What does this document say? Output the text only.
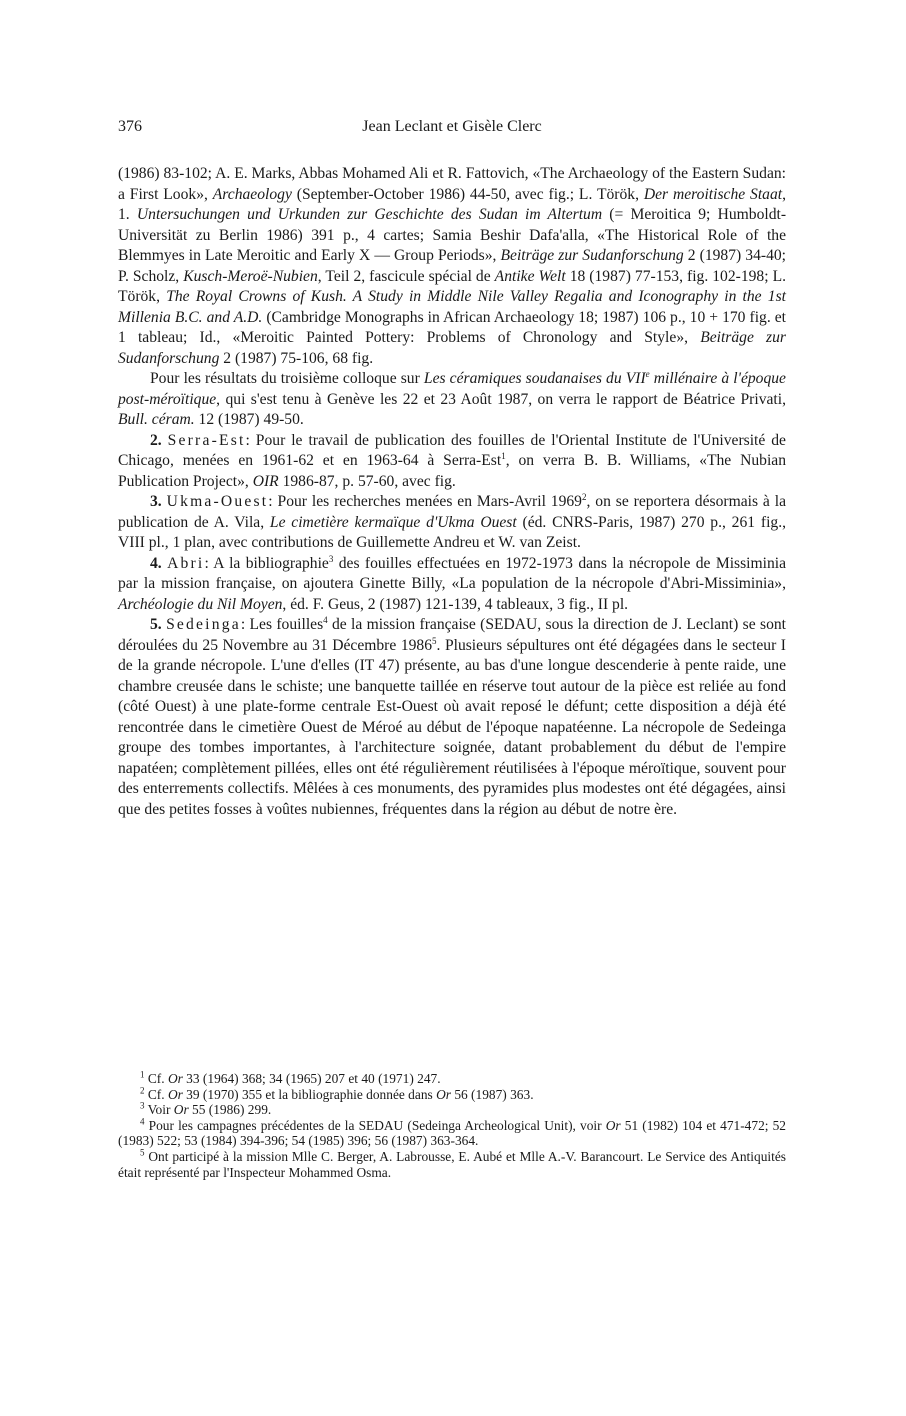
376	Jean Leclant et Gisèle Clerc

(1986) 83-102; A. E. Marks, Abbas Mohamed Ali et R. Fattovich, «The Archaeology of the Eastern Sudan: a First Look», Archaeology (September-October 1986) 44-50, avec fig.; L. Török, Der meroitische Staat, 1. Untersuchungen und Urkunden zur Geschichte des Sudan im Altertum (= Meroitica 9; Humboldt-Universität zu Berlin 1986) 391 p., 4 cartes; Samia Beshir Dafa'alla, «The Historical Role of the Blemmyes in Late Meroitic and Early X — Group Periods», Beiträge zur Sudanforschung 2 (1987) 34-40; P. Scholz, Kusch-Meroë-Nubien, Teil 2, fascicule spécial de Antike Welt 18 (1987) 77-153, fig. 102-198; L. Török, The Royal Crowns of Kush. A Study in Middle Nile Valley Regalia and Iconography in the 1st Millenia B.C. and A.D. (Cambridge Monographs in African Archaeology 18; 1987) 106 p., 10 + 170 fig. et 1 tableau; Id., «Meroitic Painted Pottery: Problems of Chronology and Style», Beiträge zur Sudanforschung 2 (1987) 75-106, 68 fig.

Pour les résultats du troisième colloque sur Les céramiques soudanaises du VIIe millénaire à l'époque post-méroïtique, qui s'est tenu à Genève les 22 et 23 Août 1987, on verra le rapport de Béatrice Privati, Bull. céram. 12 (1987) 49-50.

2. Serra-Est: Pour le travail de publication des fouilles de l'Oriental Institute de l'Université de Chicago, menées en 1961-62 et en 1963-64 à Serra-Est$^1$, on verra B. B. Williams, «The Nubian Publication Project», OIR 1986-87, p. 57-60, avec fig.

3. Ukma-Ouest: Pour les recherches menées en Mars-Avril 1969$^2$, on se reportera désormais à la publication de A. Vila, Le cimetière kermaïque d'Ukma Ouest (éd. CNRS-Paris, 1987) 270 p., 261 fig., VIII pl., 1 plan, avec contributions de Guillemette Andreu et W. van Zeist.

4. Abri: A la bibliographie$^3$ des fouilles effectuées en 1972-1973 dans la nécropole de Missiminia par la mission française, on ajoutera Ginette Billy, «La population de la nécropole d'Abri-Missiminia», Archéologie du Nil Moyen, éd. F. Geus, 2 (1987) 121-139, 4 tableaux, 3 fig., II pl.

5. Sedeinga: Les fouilles$^4$ de la mission française (SEDAU, sous la direction de J. Leclant) se sont déroulées du 25 Novembre au 31 Décembre 1986$^5$. Plusieurs sépultures ont été dégagées dans le secteur I de la grande nécropole. L'une d'elles (IT 47) présente, au bas d'une longue descenderie à pente raide, une chambre creusée dans le schiste; une banquette taillée en réserve tout autour de la pièce est reliée au fond (côté Ouest) à une plate-forme centrale Est-Ouest où avait reposé le défunt; cette disposition a déjà été rencontrée dans le cimetière Ouest de Méroé au début de l'époque napatéenne. La nécropole de Sedeinga groupe des tombes importantes, à l'architecture soignée, datant probablement du début de l'empire napatéen; complètement pillées, elles ont été régulièrement réutilisées à l'époque méroïtique, souvent pour des enterrements collectifs. Mêlées à ces monuments, des pyramides plus modestes ont été dégagées, ainsi que des petites fosses à voûtes nubiennes, fréquentes dans la région au début de notre ère.

$^1$ Cf. Or 33 (1964) 368; 34 (1965) 207 et 40 (1971) 247.

$^2$ Cf. Or 39 (1970) 355 et la bibliographie donnée dans Or 56 (1987) 363.

$^3$ Voir Or 55 (1986) 299.

$^4$ Pour les campagnes précédentes de la SEDAU (Sedeinga Archeological Unit), voir Or 51 (1982) 104 et 471-472; 52 (1983) 522; 53 (1984) 394-396; 54 (1985) 396; 56 (1987) 363-364.

$^5$ Ont participé à la mission Mlle C. Berger, A. Labrousse, E. Aubé et Mlle A.-V. Barancourt. Le Service des Antiquités était représenté par l'Inspecteur Mohammed Osma.
